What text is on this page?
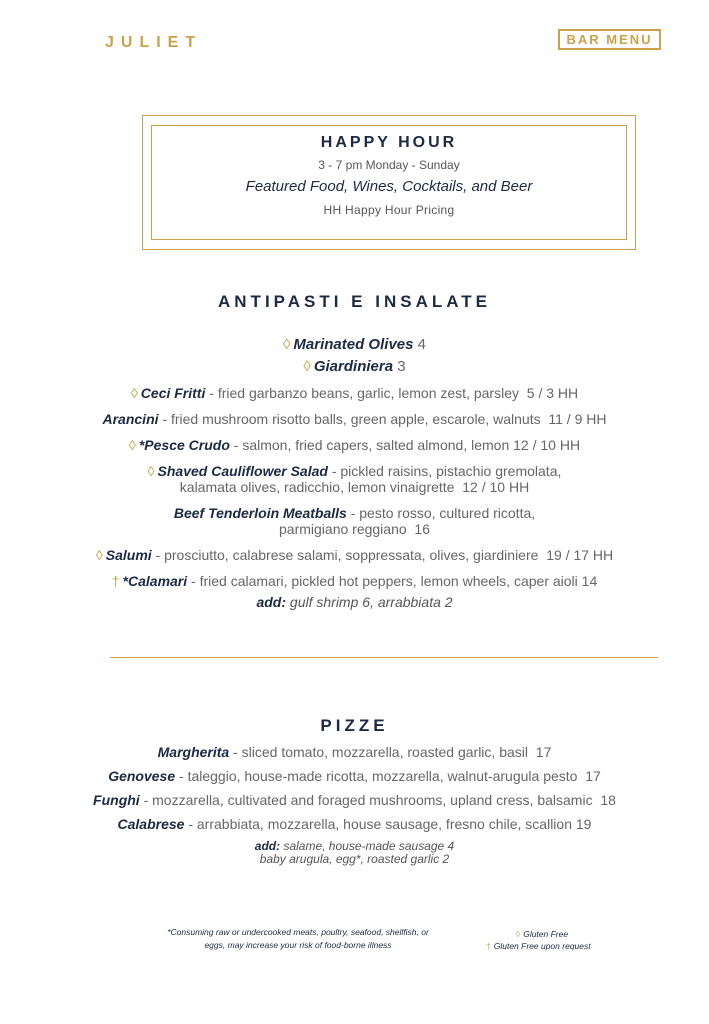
JULIET	BAR MENU
HAPPY HOUR
3 - 7 pm Monday - Sunday
Featured Food, Wines, Cocktails, and Beer
HH Happy Hour Pricing
ANTIPASTI E INSALATE
◊ Marinated Olives 4
◊ Giardiniera 3
◊ Ceci Fritti - fried garbanzo beans, garlic, lemon zest, parsley 5 / 3 HH
Arancini - fried mushroom risotto balls, green apple, escarole, walnuts 11 / 9 HH
◊ *Pesce Crudo - salmon, fried capers, salted almond, lemon 12 / 10 HH
◊ Shaved Cauliflower Salad - pickled raisins, pistachio gremolata,
kalamata olives, radicchio, lemon vinaigrette 12 / 10 HH
Beef Tenderloin Meatballs - pesto rosso, cultured ricotta,
parmigiano reggiano 16
◊ Salumi - prosciutto, calabrese salami, soppressata, olives, giardiniere 19 / 17 HH
† *Calamari - fried calamari, pickled hot peppers, lemon wheels, caper aioli 14
add: gulf shrimp 6, arrabbiata 2
PIZZE
Margherita - sliced tomato, mozzarella, roasted garlic, basil 17
Genovese - taleggio, house-made ricotta, mozzarella, walnut-arugula pesto 17
Funghi - mozzarella, cultivated and foraged mushrooms, upland cress, balsamic 18
Calabrese - arrabbiata, mozzarella, house sausage, fresno chile, scallion 19
add: salame, house-made sausage 4
baby arugula, egg*, roasted garlic 2
*Consuming raw or undercooked meats, poultry, seafood, shellfish, or
eggs, may increase your risk of food-borne illness
◊ Gluten Free
† Gluten Free upon request
